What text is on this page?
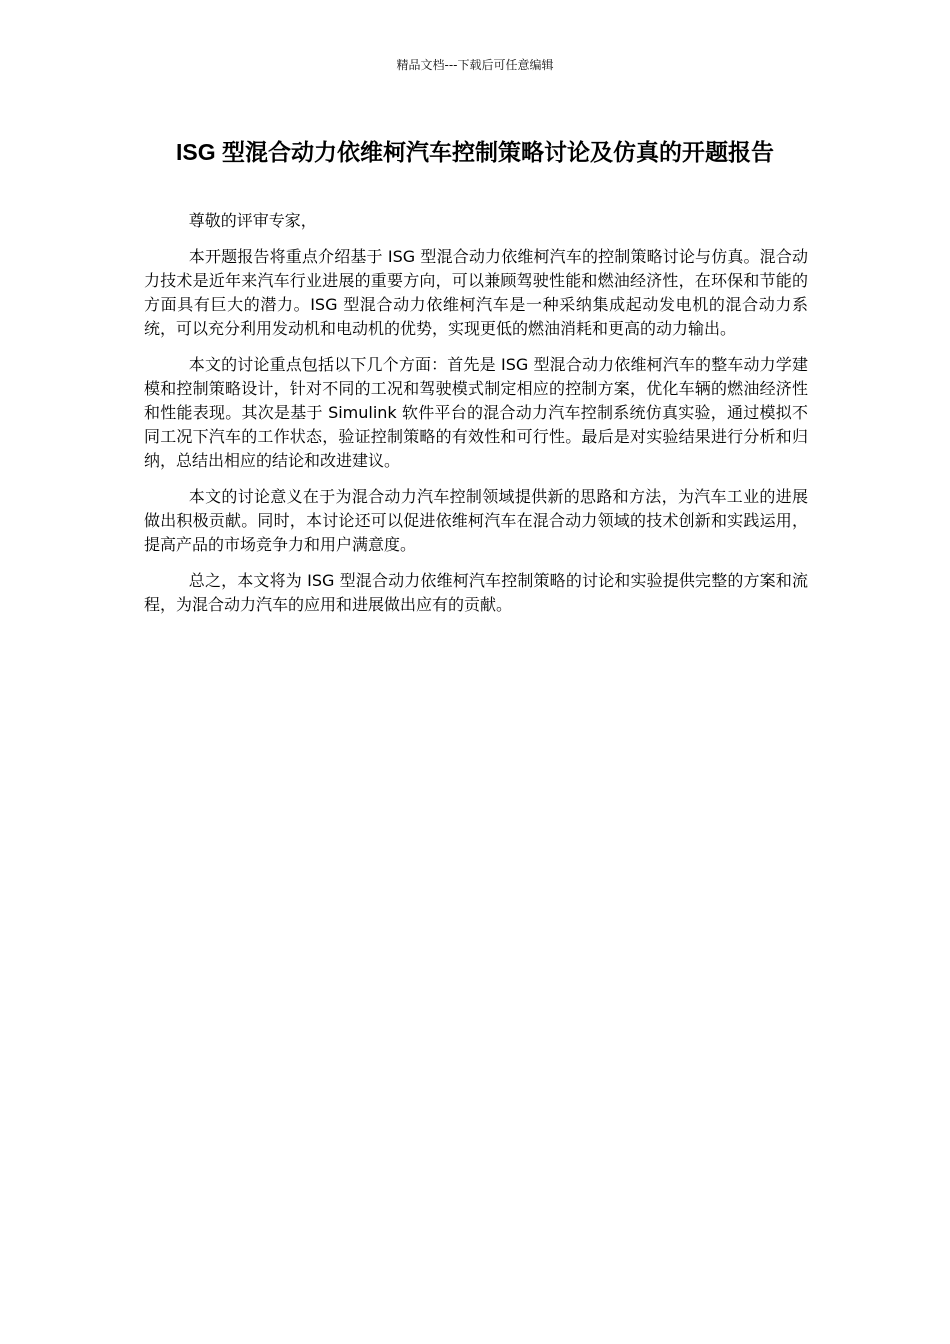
精品文档---下载后可任意编辑
ISG 型混合动力依维柯汽车控制策略讨论及仿真的开题报告

尊敬的评审专家，

本开题报告将重点介绍基于 ISG 型混合动力依维柯汽车的控制策略讨论与仿真。混合动力技术是近年来汽车行业进展的重要方向，可以兼顾驾驶性能和燃油经济性，在环保和节能的方面具有巨大的潜力。ISG 型混合动力依维柯汽车是一种采纳集成起动发电机的混合动力系统，可以充分利用发动机和电动机的优势，实现更低的燃油消耗和更高的动力输出。

本文的讨论重点包括以下几个方面：首先是 ISG 型混合动力依维柯汽车的整车动力学建模和控制策略设计，针对不同的工况和驾驶模式制定相应的控制方案，优化车辆的燃油经济性和性能表现。其次是基于 Simulink 软件平台的混合动力汽车控制系统仿真实验，通过模拟不同工况下汽车的工作状态，验证控制策略的有效性和可行性。最后是对实验结果进行分析和归纳，总结出相应的结论和改进建议。

本文的讨论意义在于为混合动力汽车控制领域提供新的思路和方法，为汽车工业的进展做出积极贡献。同时，本讨论还可以促进依维柯汽车在混合动力领域的技术创新和实践运用，提高产品的市场竞争力和用户满意度。

总之，本文将为 ISG 型混合动力依维柯汽车控制策略的讨论和实验提供完整的方案和流程，为混合动力汽车的应用和进展做出应有的贡献。
